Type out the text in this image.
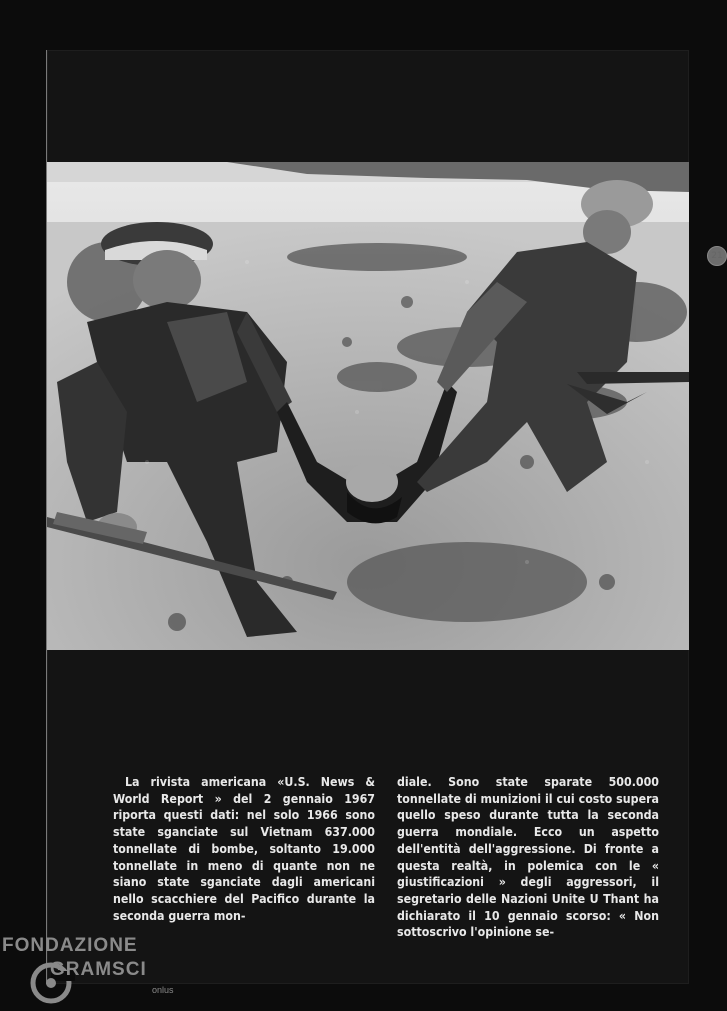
21

La rivista americana «U.S. News & World Report » del 2 gennaio 1967 riporta questi dati: nel solo 1966 sono state sganciate sul Vietnam 637.000 tonnellate di bombe, soltanto 19.000 tonnellate in meno di quante non ne siano state sganciate dagli americani nello scacchiere del Pacifico durante la seconda guerra mon-

diale. Sono state sparate 500.000 tonnellate di munizioni il cui costo supera quello speso durante tutta la seconda guerra mondiale. Ecco un aspetto dell'entità dell'aggressione. Di fronte a questa realtà, in polemica con le « giustificazioni » degli aggressori, il segretario delle Nazioni Unite U Thant ha dichiarato il 10 gennaio scorso: « Non sottoscrivo l'opinione se-

FONDAZIONE
GRAMSCI
onlus
